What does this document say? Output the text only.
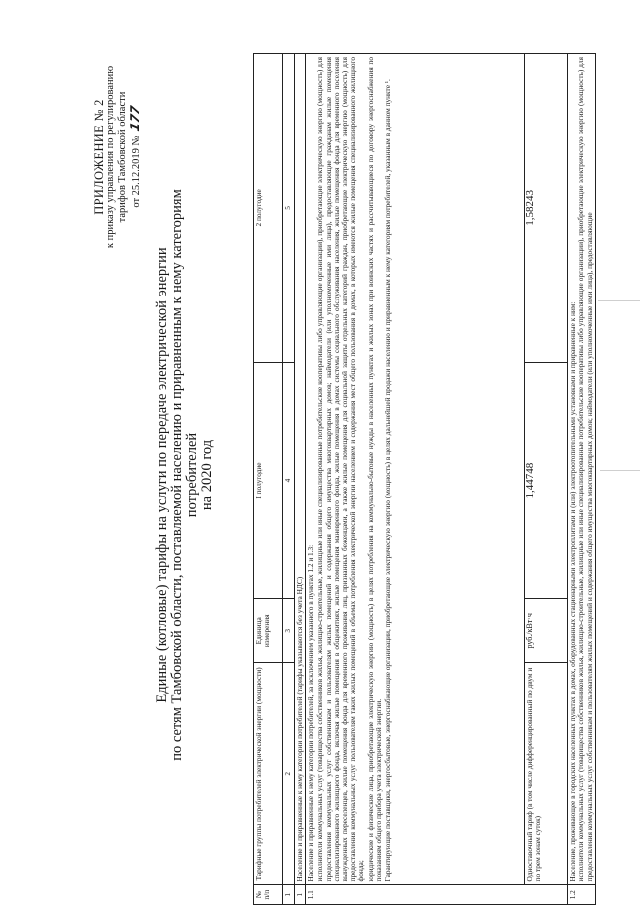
ПРИЛОЖЕНИЕ № 2 к приказу управления по регулированию тарифов Тамбовской области от 25.12.2019 №177
Единые (котловые) тарифы на услуги по передаче электрической энергии по сетям Тамбовской области, поставляемой населению и приравненным к нему категориям потребителей на 2020 год
№ п/п	Тарифные группы потребителей электрической энергии (мощности)	Единица измерения	I полугодие	2 полугодие
1	2	3	4	5
1	Население и приравненные к нему категории потребителей (тарифы указываются без учета НДС)			
1.1	Население и приравненные к нему категории потребителей, за исключением указанного в пунктах 1.2 и 1.3: исполнители коммунальных услуг (товарищества собственников жилья, жилищно-строительные, жилищные или иные специализированные потребительские кооперативы либо управляющие организации), приобретающие электрическую энергию (мощность) для предоставления коммунальных услуг собственникам и пользователям жилых помещений и содержания общего имущества многоквартирных домов; наймодатели (или уполномоченные ими лица), предоставляющие гражданам жилые помещения специализированного жилищного фонда, включая жилые помещения в общежитиях, жилые помещения маневренного фонда, жилые помещения в домах системы социального обслуживания населения, жилые помещения фонда для временного поселения вынужденных переселенцев, жилые помещения фонда для временного проживания лиц, признанных беженцами, а также жилые помещения для социальной защиты отдельных категорий граждан, приобретающие электрическую энергию (мощность) для предоставления коммунальных услуг пользователям таких жилых помещений в объемах потребления электрической энергии населением и содержания мест общего пользования в домах, в которых имеются жилые помещения специализированного жилищного фонда; юридические и физические лица, приобретающие электрическую энергию (мощность) в целях потребления на коммунально-бытовые нужды в населенных пунктах и жилых зонах при воинских частях и рассчитывающиеся по договору энергоснабжения по показаниям общего прибора учета электрической энергии. Гарантирующие поставщики, энергосбытовые, энергоснабжающие организации, приобретающие электрическую энергию (мощность) в целях дальнейшей продажи населению и приравненным к нему категориям потребителей, указанным в данном пункте ¹.			

	Одноставочный тариф (в том числе дифференцированный по двум и по трем зонам суток)	руб./кВт·ч	1,44748	1,58243
1.2	Население, проживающее в городских населенных пунктах в домах, оборудованных стационарными электроплитами и (или) электроотопительными установками и приравненные к ним: исполнители коммунальных услуг (товарищества собственников жилья, жилищно-строительные, жилищные или иные специализированные потребительские кооперативы либо управляющие организации), приобретающие электрическую энергию (мощность) для предоставления коммунальных услуг собственникам и пользователям жилых помещений и содержания общего имущества многоквартирных домов; наймодатели (или уполномоченные ими лица), предоставляющие			
